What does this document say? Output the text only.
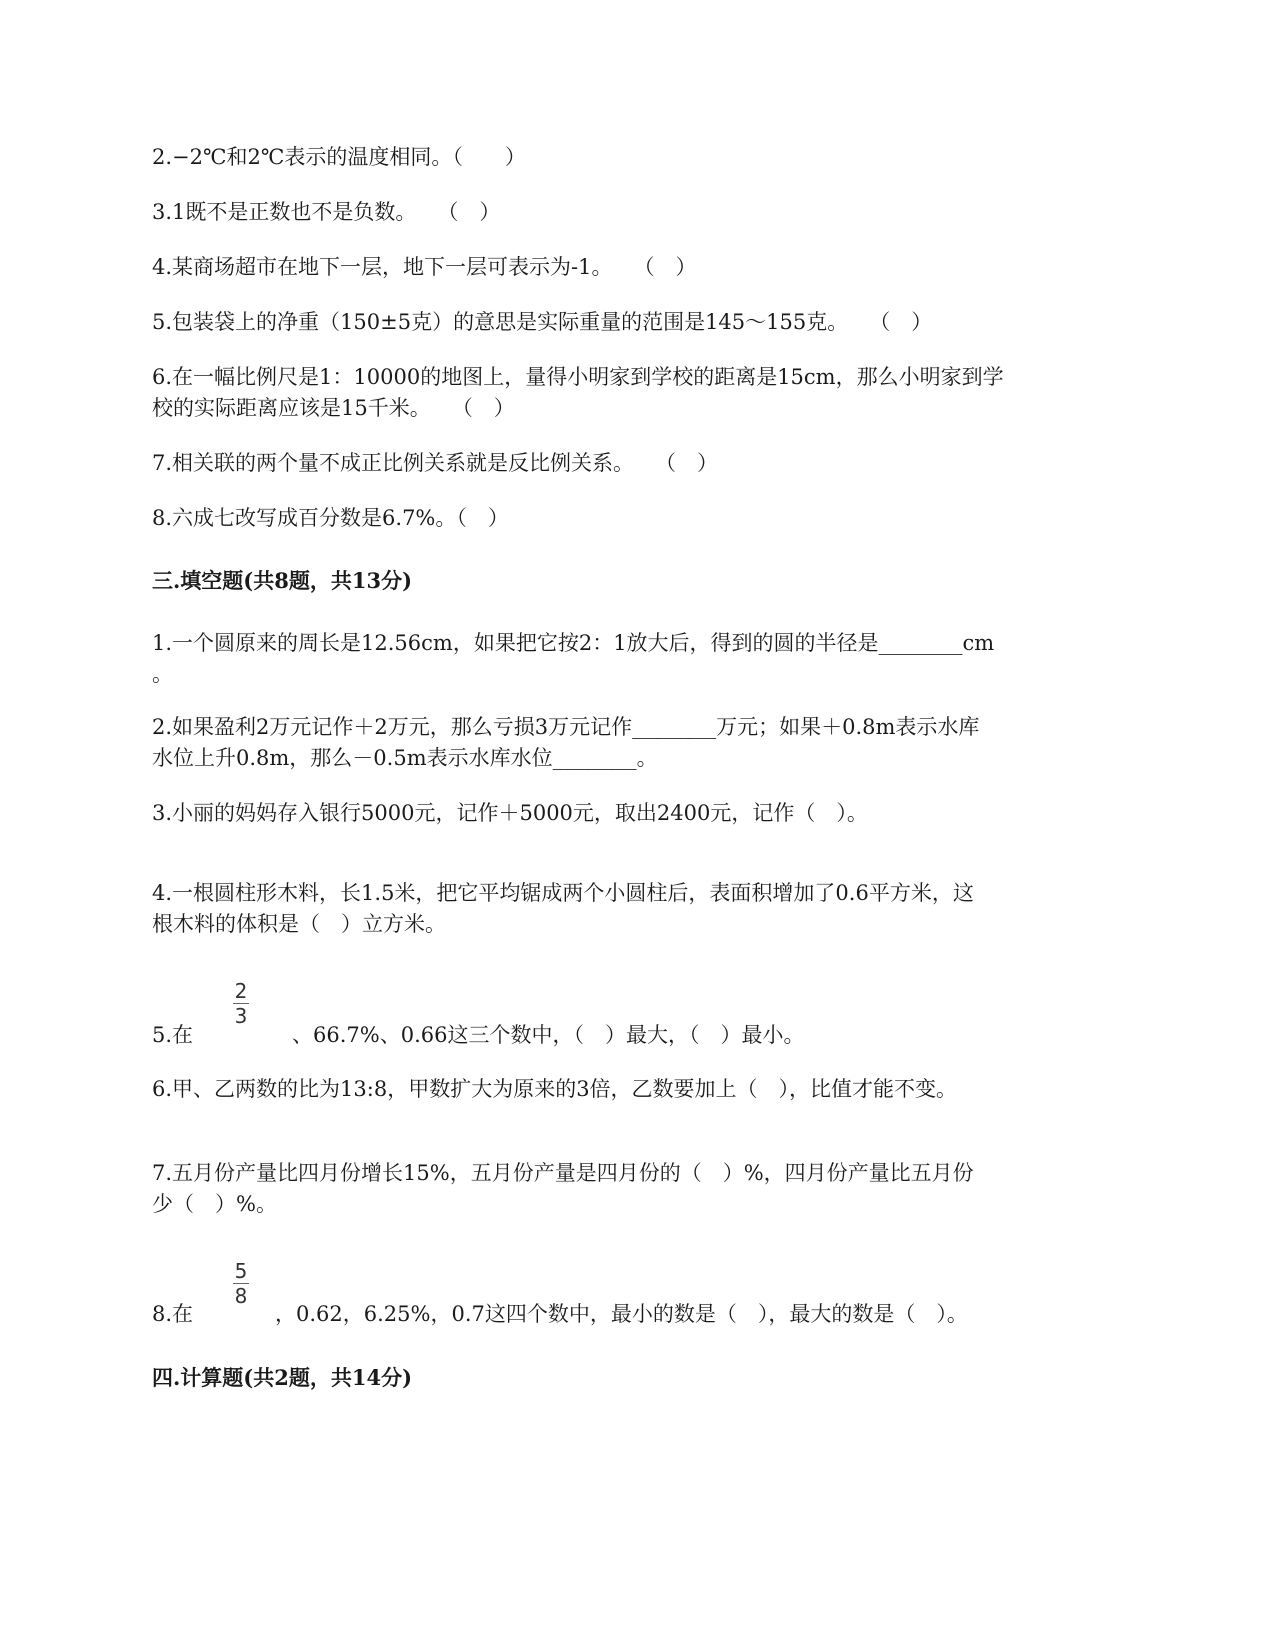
2.−2℃和2℃表示的温度相同。（　　）
3.1既不是正数也不是负数。　　（　）
4.某商场超市在地下一层，地下一层可表示为-1。　　（　）
5.包装袋上的净重（150±5克）的意思是实际重量的范围是145～155克。　　（　）
6.在一幅比例尺是1：10000的地图上，量得小明家到学校的距离是15cm，那么小明家到学
校的实际距离应该是15千米。　　（　）
7.相关联的两个量不成正比例关系就是反比例关系。　　（　）
8.六成七改写成百分数是6.7%。（　）
三.填空题(共8题，共13分)
1.一个圆原来的周长是12.56cm，如果把它按2：1放大后，得到的圆的半径是________cm
。
2.如果盈利2万元记作＋2万元，那么亏损3万元记作________万元；如果＋0.8m表示水库
水位上升0.8m，那么－0.5m表示水库水位________。
3.小丽的妈妈存入银行5000元，记作＋5000元，取出2400元，记作（　）。
4.一根圆柱形木料，长1.5米，把它平均锯成两个小圆柱后，表面积增加了0.6平方米，这
根木料的体积是（　）立方米。
2
3
5.在	、66.7%、0.66这三个数中，（　）最大，（　）最小。
6.甲、乙两数的比为13:8，甲数扩大为原来的3倍，乙数要加上（　），比值才能不变。
7.五月份产量比四月份增长15%，五月份产量是四月份的（　）%，四月份产量比五月份
少（　）%。
5
8
8.在	，0.62，6.25%，0.7这四个数中，最小的数是（　），最大的数是（　）。
四.计算题(共2题，共14分)
